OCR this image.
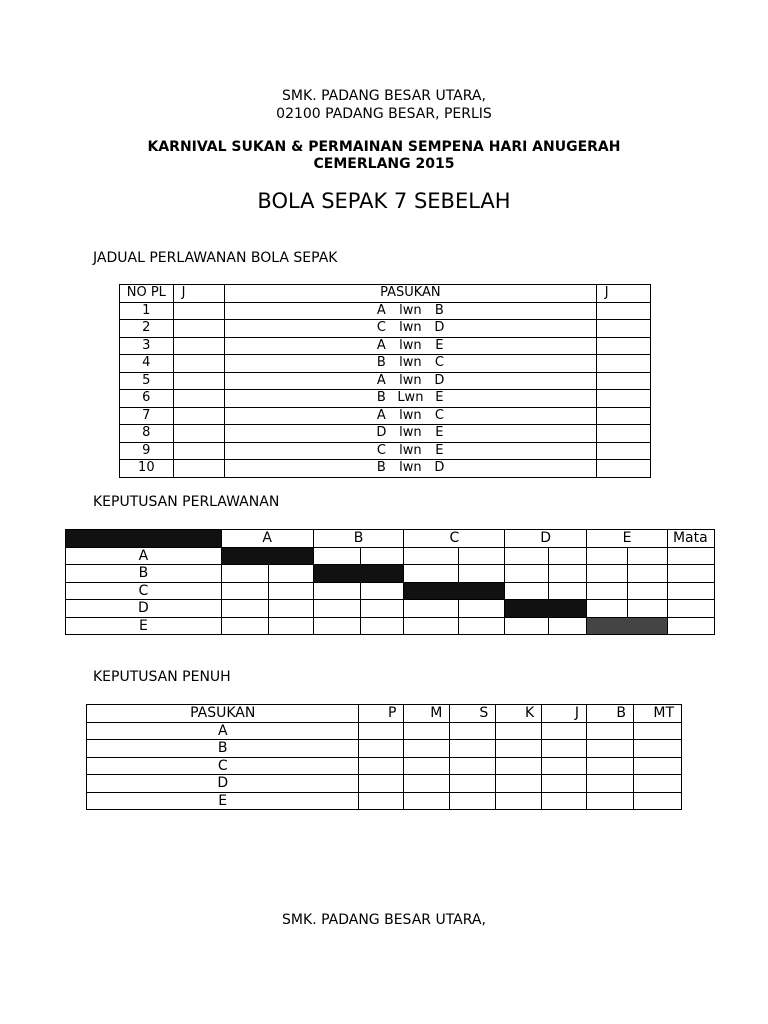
SMK. PADANG BESAR UTARA,
02100 PADANG BESAR, PERLIS
KARNIVAL SUKAN & PERMAINAN SEMPENA HARI ANUGERAH
CEMERLANG 2015
BOLA SEPAK 7 SEBELAH
JADUAL PERLAWANAN BOLA SEPAK
NO PL	J	PASUKAN	J
1		A lwn B	
2		C lwn D	
3		A lwn E	
4		B lwn C	
5		A lwn D	
6		B Lwn E	
7		A lwn C	
8		D lwn E	
9		C lwn E	
10		B lwn D	
KEPUTUSAN PERLAWANAN
	A		B		C		D		E		Mata
A											
B											
C											
D											
E											
KEPUTUSAN PENUH
PASUKAN	P	M	S	K	J	B	MT
A							
B							
C							
D							
E							
SMK. PADANG BESAR UTARA,
